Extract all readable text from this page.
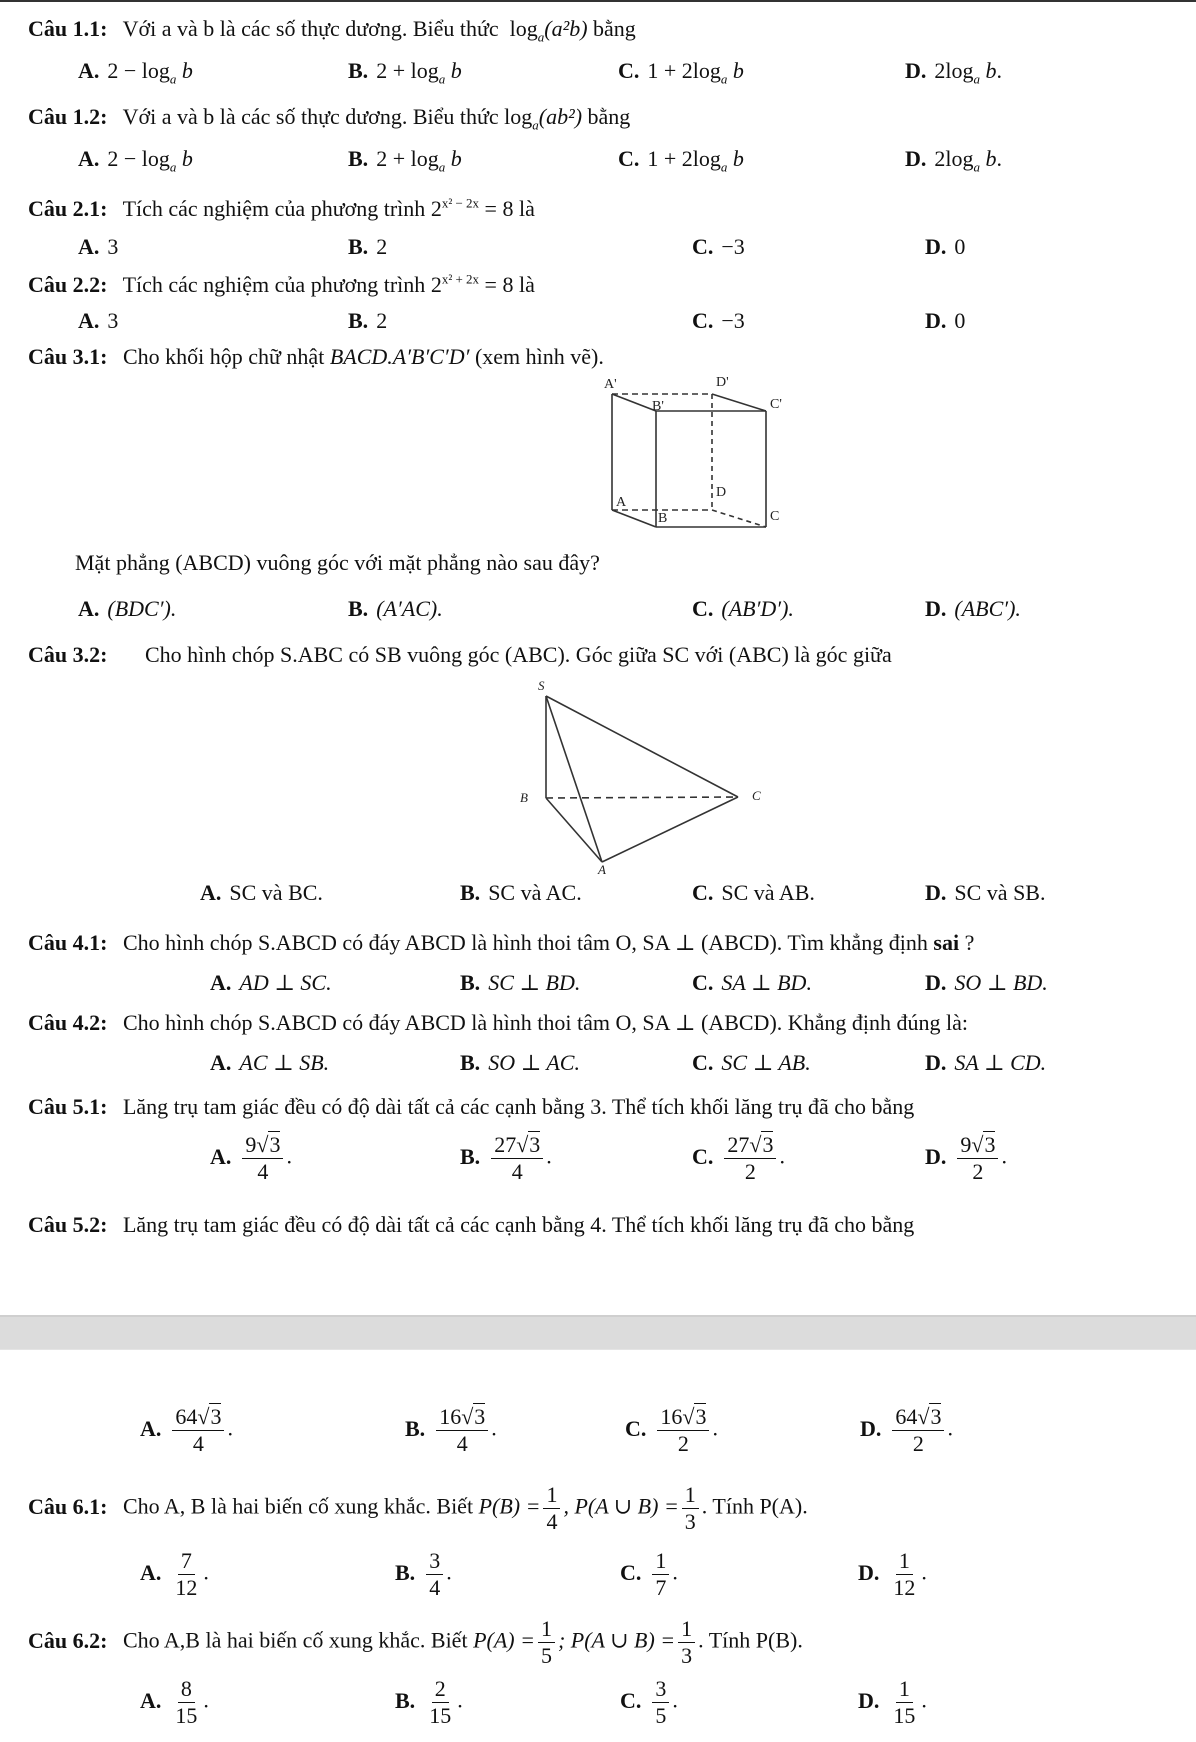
Câu 1.1: Với a và b là các số thực dương. Biểu thức  $\log_a(a^2b)$ bằng
A. $2 - \log_a b$	B. $2 + \log_a b$	C. $1 + 2\log_a$ b	D. $2\log_a$ b.
Câu 1.2: Với a và b là các số thực dương. Biểu thức $\log_a(ab^2)$ bằng
A. $2 - \log_a b$	B. $2 + \log_a b$	C. $1 + 2\log_a$ b	D. $2\log_a$ b.
Câu 2.1: Tích các nghiệm của phương trình $2^{x^2 - 2x} = 8$ là
A. 3	B. 2	C. −3	D. 0
Câu 2.2: Tích các nghiệm của phương trình $2^{x^2 + 2x} = 8$ là
A. 3	B. 2	C. −3	D. 0
Câu 3.1: Cho khối hộp chữ nhật BACD.A′B′C′D′ (xem hình vẽ).
A'	D'
B'	C'
D
A
B	C
Mặt phẳng (ABCD) vuông góc với mặt phẳng nào sau đây?
A. (BDC′).	B. (A′AC).	C. (AB′D′).	D. (ABC′).
Câu 3.2: Cho hình chóp S.ABC có SB vuông góc (ABC). Góc giữa SC với (ABC) là góc giữa
S
B	C
A
A. SC và BC.	B. SC và AC.	C. SC và AB.	D. SC và SB.
Câu 4.1: Cho hình chóp S.ABCD có đáy ABCD là hình thoi tâm O, SA ⊥ (ABCD). Tìm khẳng định sai ?
A. AD ⊥ SC.	B. SC ⊥ BD.	C. SA ⊥ BD.	D. SO ⊥ BD.
Câu 4.2: Cho hình chóp S.ABCD có đáy ABCD là hình thoi tâm O, SA ⊥ (ABCD). Khẳng định đúng là:
A. AC ⊥ SB.	B. SO ⊥ AC.	C. SC ⊥ AB.	D. SA ⊥ CD.
Câu 5.1: Lăng trụ tam giác đều có độ dài tất cả các cạnh bằng 3. Thể tích khối lăng trụ đã cho bằng
A. $\frac{9√3}{4}$ .	B. $\frac{27√3}{4}$ .	C. $\frac{27√3}{2}$ .	D. $\frac{9√3}{2}$ .
Câu 5.2: Lăng trụ tam giác đều có độ dài tất cả các cạnh bằng 4. Thể tích khối lăng trụ đã cho bằng
A. $\frac{64√3}{4}$ .	B. $\frac{16√3}{4}$ .	C. $\frac{16√3}{2}$ .	D. $\frac{64√3}{2}$ .
Câu 6.1: Cho A, B là hai biến cố xung khắc. Biết $P(B) = \frac{1}{4}$ , P(A ∪ $B) = \frac{1}{3}$ . Tính P(A).
A. $\frac{7}{12}$ .	B. $\frac{3}{4}$ .	C. $\frac{1}{7}$ .	D. $\frac{1}{12}$ .
Câu 6.2: Cho A,B là hai biến cố xung khắc. Biết $P(A) = \frac{1}{5}$ ; P(A ∪ $B) = \frac{1}{3}$ . Tính P(B).
A. $\frac{8}{15}$ .	B. $\frac{2}{15}$ .	C. $\frac{3}{5}$ .	D. $\frac{1}{15}$ .
